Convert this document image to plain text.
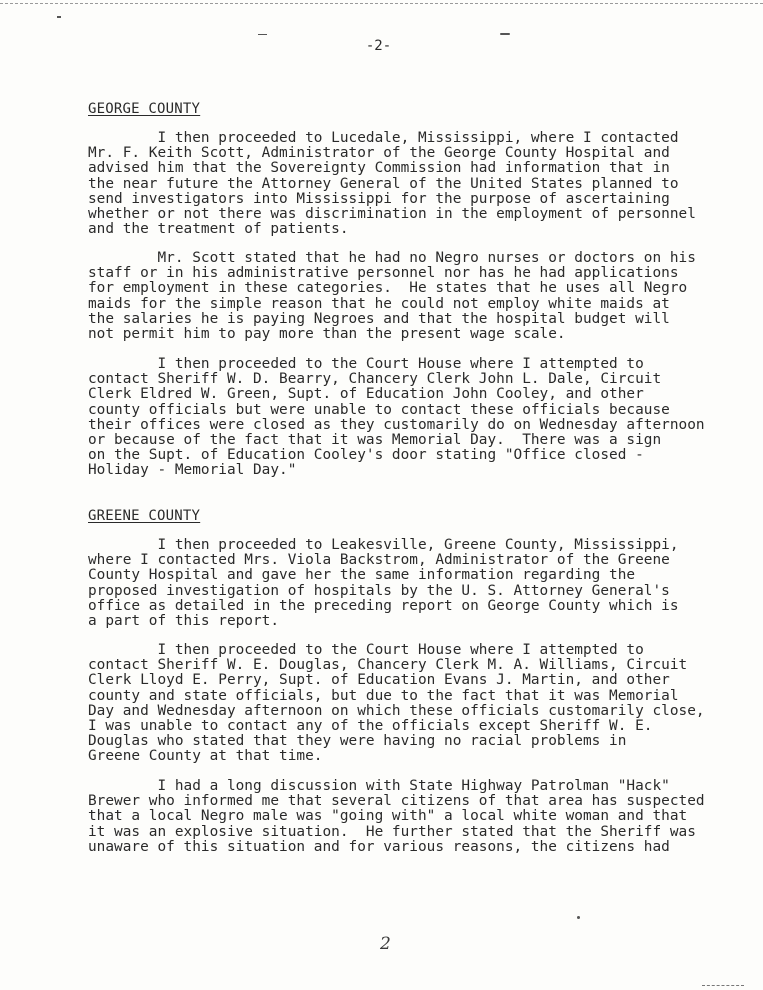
-2-
GEORGE COUNTY

I then proceeded to Lucedale, Mississippi, where I contacted
Mr. F. Keith Scott, Administrator of the George County Hospital and
advised him that the Sovereignty Commission had information that in
the near future the Attorney General of the United States planned to
send investigators into Mississippi for the purpose of ascertaining
whether or not there was discrimination in the employment of personnel
and the treatment of patients.

Mr. Scott stated that he had no Negro nurses or doctors on his
staff or in his administrative personnel nor has he had applications
for employment in these categories.  He states that he uses all Negro
maids for the simple reason that he could not employ white maids at
the salaries he is paying Negroes and that the hospital budget will
not permit him to pay more than the present wage scale.

I then proceeded to the Court House where I attempted to
contact Sheriff W. D. Bearry, Chancery Clerk John L. Dale, Circuit
Clerk Eldred W. Green, Supt. of Education John Cooley, and other
county officials but were unable to contact these officials because
their offices were closed as they customarily do on Wednesday afternoon
or because of the fact that it was Memorial Day.  There was a sign
on the Supt. of Education Cooley's door stating "Office closed -
Holiday - Memorial Day."

GREENE COUNTY

I then proceeded to Leakesville, Greene County, Mississippi,
where I contacted Mrs. Viola Backstrom, Administrator of the Greene
County Hospital and gave her the same information regarding the
proposed investigation of hospitals by the U. S. Attorney General's
office as detailed in the preceding report on George County which is
a part of this report.

I then proceeded to the Court House where I attempted to
contact Sheriff W. E. Douglas, Chancery Clerk M. A. Williams, Circuit
Clerk Lloyd E. Perry, Supt. of Education Evans J. Martin, and other
county and state officials, but due to the fact that it was Memorial
Day and Wednesday afternoon on which these officials customarily close,
I was unable to contact any of the officials except Sheriff W. E.
Douglas who stated that they were having no racial problems in
Greene County at that time.

I had a long discussion with State Highway Patrolman "Hack"
Brewer who informed me that several citizens of that area has suspected
that a local Negro male was "going with" a local white woman and that
it was an explosive situation.  He further stated that the Sheriff was
unaware of this situation and for various reasons, the citizens had

2
